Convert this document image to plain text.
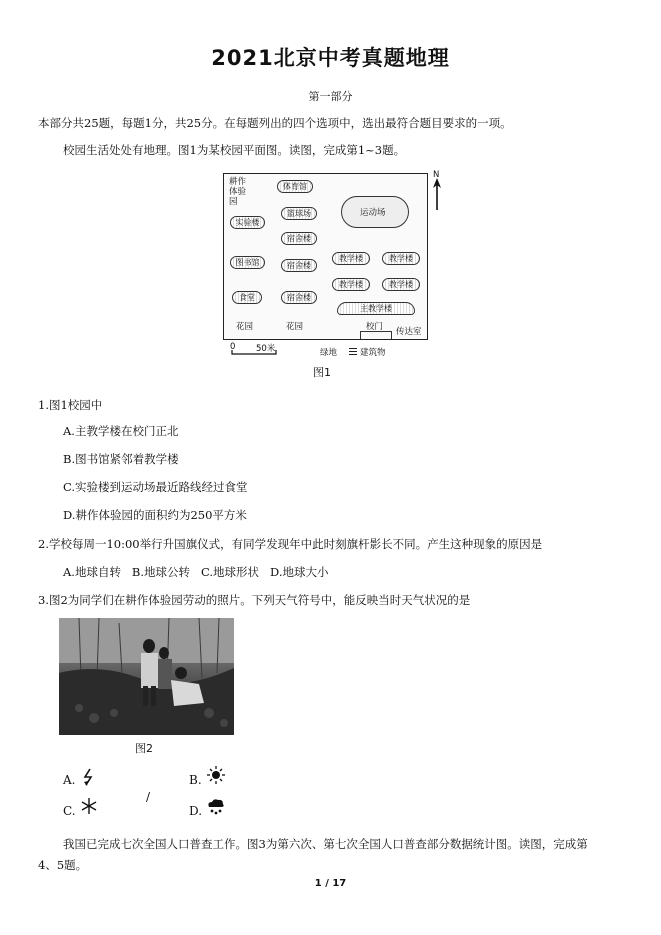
2021北京中考真题地理
第一部分
本部分共25题，每题1分，共25分。在每题列出的四个选项中，选出最符合题目要求的一项。
校园生活处处有地理。图1为某校园平面图。读图，完成第1~3题。
耕作体验园
体育馆
篮球场	运动场
实验楼
宿舍楼
图书馆	宿舍楼
教学楼	教学楼
教学楼	教学楼
食堂	宿舍楼
主教学楼
花园	花园	校门 传达室
N
0 50米	绿地	建筑物
图1
1.图1校园中
A.主教学楼在校门正北
B.图书馆紧邻着教学楼
C.实验楼到运动场最近路线经过食堂
D.耕作体验园的面积约为250平方米
2.学校每周一10:00举行升国旗仪式，有同学发现年中此时刻旗杆影长不同。产生这种现象的原因是
A.地球自转   B.地球公转   C.地球形状   D.地球大小
3.图2为同学们在耕作体验园劳动的照片。下列天气符号中，能反映当时天气状况的是
图2
A.	B.
/
C.	D.
我国已完成七次全国人口普查工作。图3为第六次、第七次全国人口普查部分数据统计图。读图，完成第
4、5题。
1 / 17
